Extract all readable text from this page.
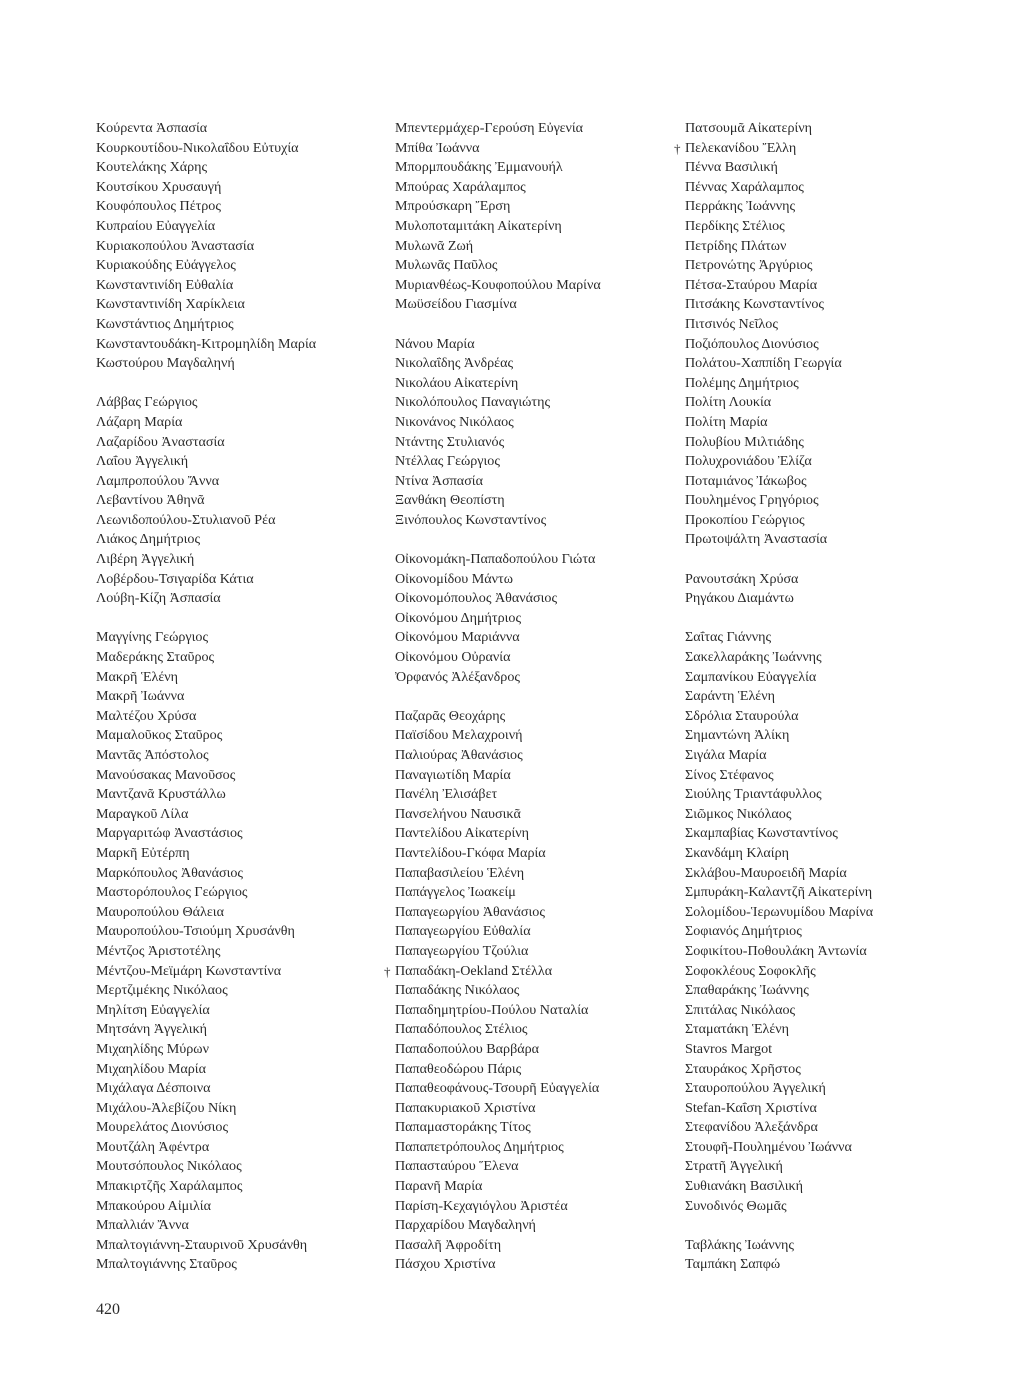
Κούρεντα Ἀσπασία
Κουρκουτίδου-Νικολαΐδου Εὐτυχία
Κουτελάκης Χάρης
Κουτσίκου Χρυσαυγή
Κουφόπουλος Πέτρος
Κυπραίου Εὐαγγελία
Κυριακοπούλου Ἀναστασία
Κυριακούδης Εὐάγγελος
Κωνσταντινίδη Εὐθαλία
Κωνσταντινίδη Χαρίκλεια
Κωνστάντιος Δημήτριος
Κωνσταντουδάκη-Κιτρομηλίδη Μαρία
Κωστούρου Μαγδαληνή
Λάββας Γεώργιος
Λάζαρη Μαρία
Λαζαρίδου Ἀναστασία
Λαΐου Ἀγγελική
Λαμπροπούλου Ἄννα
Λεβαντίνου Ἀθηνᾶ
Λεωνιδοπούλου-Στυλιανοῦ Ρέα
Λιάκος Δημήτριος
Λιβέρη Ἀγγελική
Λοβέρδου-Τσιγαρίδα Κάτια
Λούβη-Κίζη Ἀσπασία
Μαγγίνης Γεώργιος
Μαδεράκης Σταῦρος
Μακρῆ Ἑλένη
Μακρῆ Ἰωάννα
Μαλτέζου Χρύσα
Μαμαλοῦκος Σταῦρος
Μαντᾶς Ἀπόστολος
Μανούσακας Μανοῦσος
Μαντζανᾶ Κρυστάλλω
Μαραγκοῦ Λίλα
Μαργαριτώφ Ἀναστάσιος
Μαρκῆ Εὐτέρπη
Μαρκόπουλος Ἀθανάσιος
Μαστορόπουλος Γεώργιος
Μαυροπούλου Θάλεια
Μαυροπούλου-Τσιούμη Χρυσάνθη
Μέντζος Ἀριστοτέλης
Μέντζου-Μεϊμάρη Κωνσταντίνα
Μερτζιμέκης Νικόλαος
Μηλίτση Εὐαγγελία
Μητσάνη Ἀγγελική
Μιχαηλίδης Μύρων
Μιχαηλίδου Μαρία
Μιχάλαγα Δέσποινα
Μιχάλου-Ἀλεβίζου Νίκη
Μουρελάτος Διονύσιος
Μουτζάλη Ἀφέντρα
Μουτσόπουλος Νικόλαος
Μπακιρτζῆς Χαράλαμπος
Μπακούρου Αἰμιλία
Μπαλλιάν Ἄννα
Μπαλτογιάννη-Σταυρινοῦ Χρυσάνθη
Μπαλτογιάννης Σταῦρος
Μπεντερμάχερ-Γερούση Εὐγενία
Μπίθα Ἰωάννα
Μπορμπουδάκης Ἐμμανουήλ
Μπούρας Χαράλαμπος
Μπρούσκαρη Ἔρση
Μυλοποταμιτάκη Αἰκατερίνη
Μυλωνᾶ Ζωή
Μυλωνᾶς Παῦλος
Μυριανθέως-Κουφοπούλου Μαρίνα
Μωϋσείδου Γιασμίνα
Νάνου Μαρία
Νικολαΐδης Ἀνδρέας
Νικολάου Αἰκατερίνη
Νικολόπουλος Παναγιώτης
Νικονάνος Νικόλαος
Ντάντης Στυλιανός
Ντέλλας Γεώργιος
Ντίνα Ἀσπασία
Ξανθάκη Θεοπίστη
Ξινόπουλος Κωνσταντίνος
Οἰκονομάκη-Παπαδοπούλου Γιώτα
Οἰκονομίδου Μάντω
Οἰκονομόπουλος Ἀθανάσιος
Οἰκονόμου Δημήτριος
Οἰκονόμου Μαριάννα
Οἰκονόμου Οὐρανία
Ὀρφανός Ἀλέξανδρος
Παζαρᾶς Θεοχάρης
Παϊσίδου Μελαχροινή
Παλιούρας Ἀθανάσιος
Παναγιωτίδη Μαρία
Πανέλη Ἐλισάβετ
Πανσελήνου Ναυσικᾶ
Παντελίδου Αἰκατερίνη
Παντελίδου-Γκόφα Μαρία
Παπαβασιλείου Ἑλένη
Παπάγγελος Ἰωακείμ
Παπαγεωργίου Ἀθανάσιος
Παπαγεωργίου Εὐθαλία
Παπαγεωργίου Τζούλια
† Παπαδάκη-Oekland Στέλλα
Παπαδάκης Νικόλαος
Παπαδημητρίου-Πούλου Ναταλία
Παπαδόπουλος Στέλιος
Παπαδοπούλου Βαρβάρα
Παπαθεοδώρου Πάρις
Παπαθεοφάνους-Τσουρῆ Εὐαγγελία
Παπακυριακοῦ Χριστίνα
Παπαμαστοράκης Τίτος
Παπαπετρόπουλος Δημήτριος
Παπασταύρου Ἕλενα
Παρανῆ Μαρία
Παρίση-Κεχαγιόγλου Ἀριστέα
Παρχαρίδου Μαγδαληνή
Πασαλῆ Ἀφροδίτη
Πάσχου Χριστίνα
Πατσουμᾶ Αἰκατερίνη
† Πελεκανίδου Ἔλλη
Πέννα Βασιλική
Πέννας Χαράλαμπος
Περράκης Ἰωάννης
Περδίκης Στέλιος
Πετρίδης Πλάτων
Πετρονώτης Ἀργύριος
Πέτσα-Σταύρου Μαρία
Πιτσάκης Κωνσταντίνος
Πιτσινός Νεῖλος
Ποζιόπουλος Διονύσιος
Πολάτου-Χαππίδη Γεωργία
Πολέμης Δημήτριος
Πολίτη Λουκία
Πολίτη Μαρία
Πολυβίου Μιλτιάδης
Πολυχρονιάδου Ἐλίζα
Ποταμιάνος Ἰάκωβος
Πουλημένος Γρηγόριος
Προκοπίου Γεώργιος
Πρωτοψάλτη Ἀναστασία
Ρανουτσάκη Χρύσα
Ρηγάκου Διαμάντω
Σαΐτας Γιάννης
Σακελλαράκης Ἰωάννης
Σαμπανίκου Εὐαγγελία
Σαράντη Ἑλένη
Σδρόλια Σταυρούλα
Σημαντώνη Ἀλίκη
Σιγάλα Μαρία
Σίνος Στέφανος
Σιούλης Τριαντάφυλλος
Σιῶμκος Νικόλαος
Σκαμπαβίας Κωνσταντίνος
Σκανδάμη Κλαίρη
Σκλάβου-Μαυροειδῆ Μαρία
Σμπυράκη-Καλαντζῆ Αἰκατερίνη
Σολομίδου-Ἱερωνυμίδου Μαρίνα
Σοφιανός Δημήτριος
Σοφικίτου-Ποθουλάκη Ἀντωνία
Σοφοκλέους Σοφοκλῆς
Σπαθαράκης Ἰωάννης
Σπιτάλας Νικόλαος
Σταματάκη Ἑλένη
Stavros Margot
Σταυράκος Χρῆστος
Σταυροπούλου Ἀγγελική
Stefan-Καΐση Χριστίνα
Στεφανίδου Ἀλεξάνδρα
Στουφῆ-Πουλημένου Ἰωάννα
Στρατῆ Ἀγγελική
Συθιανάκη Βασιλική
Συνοδινός Θωμᾶς
Ταβλάκης Ἰωάννης
Ταμπάκη Σαπφώ
420
